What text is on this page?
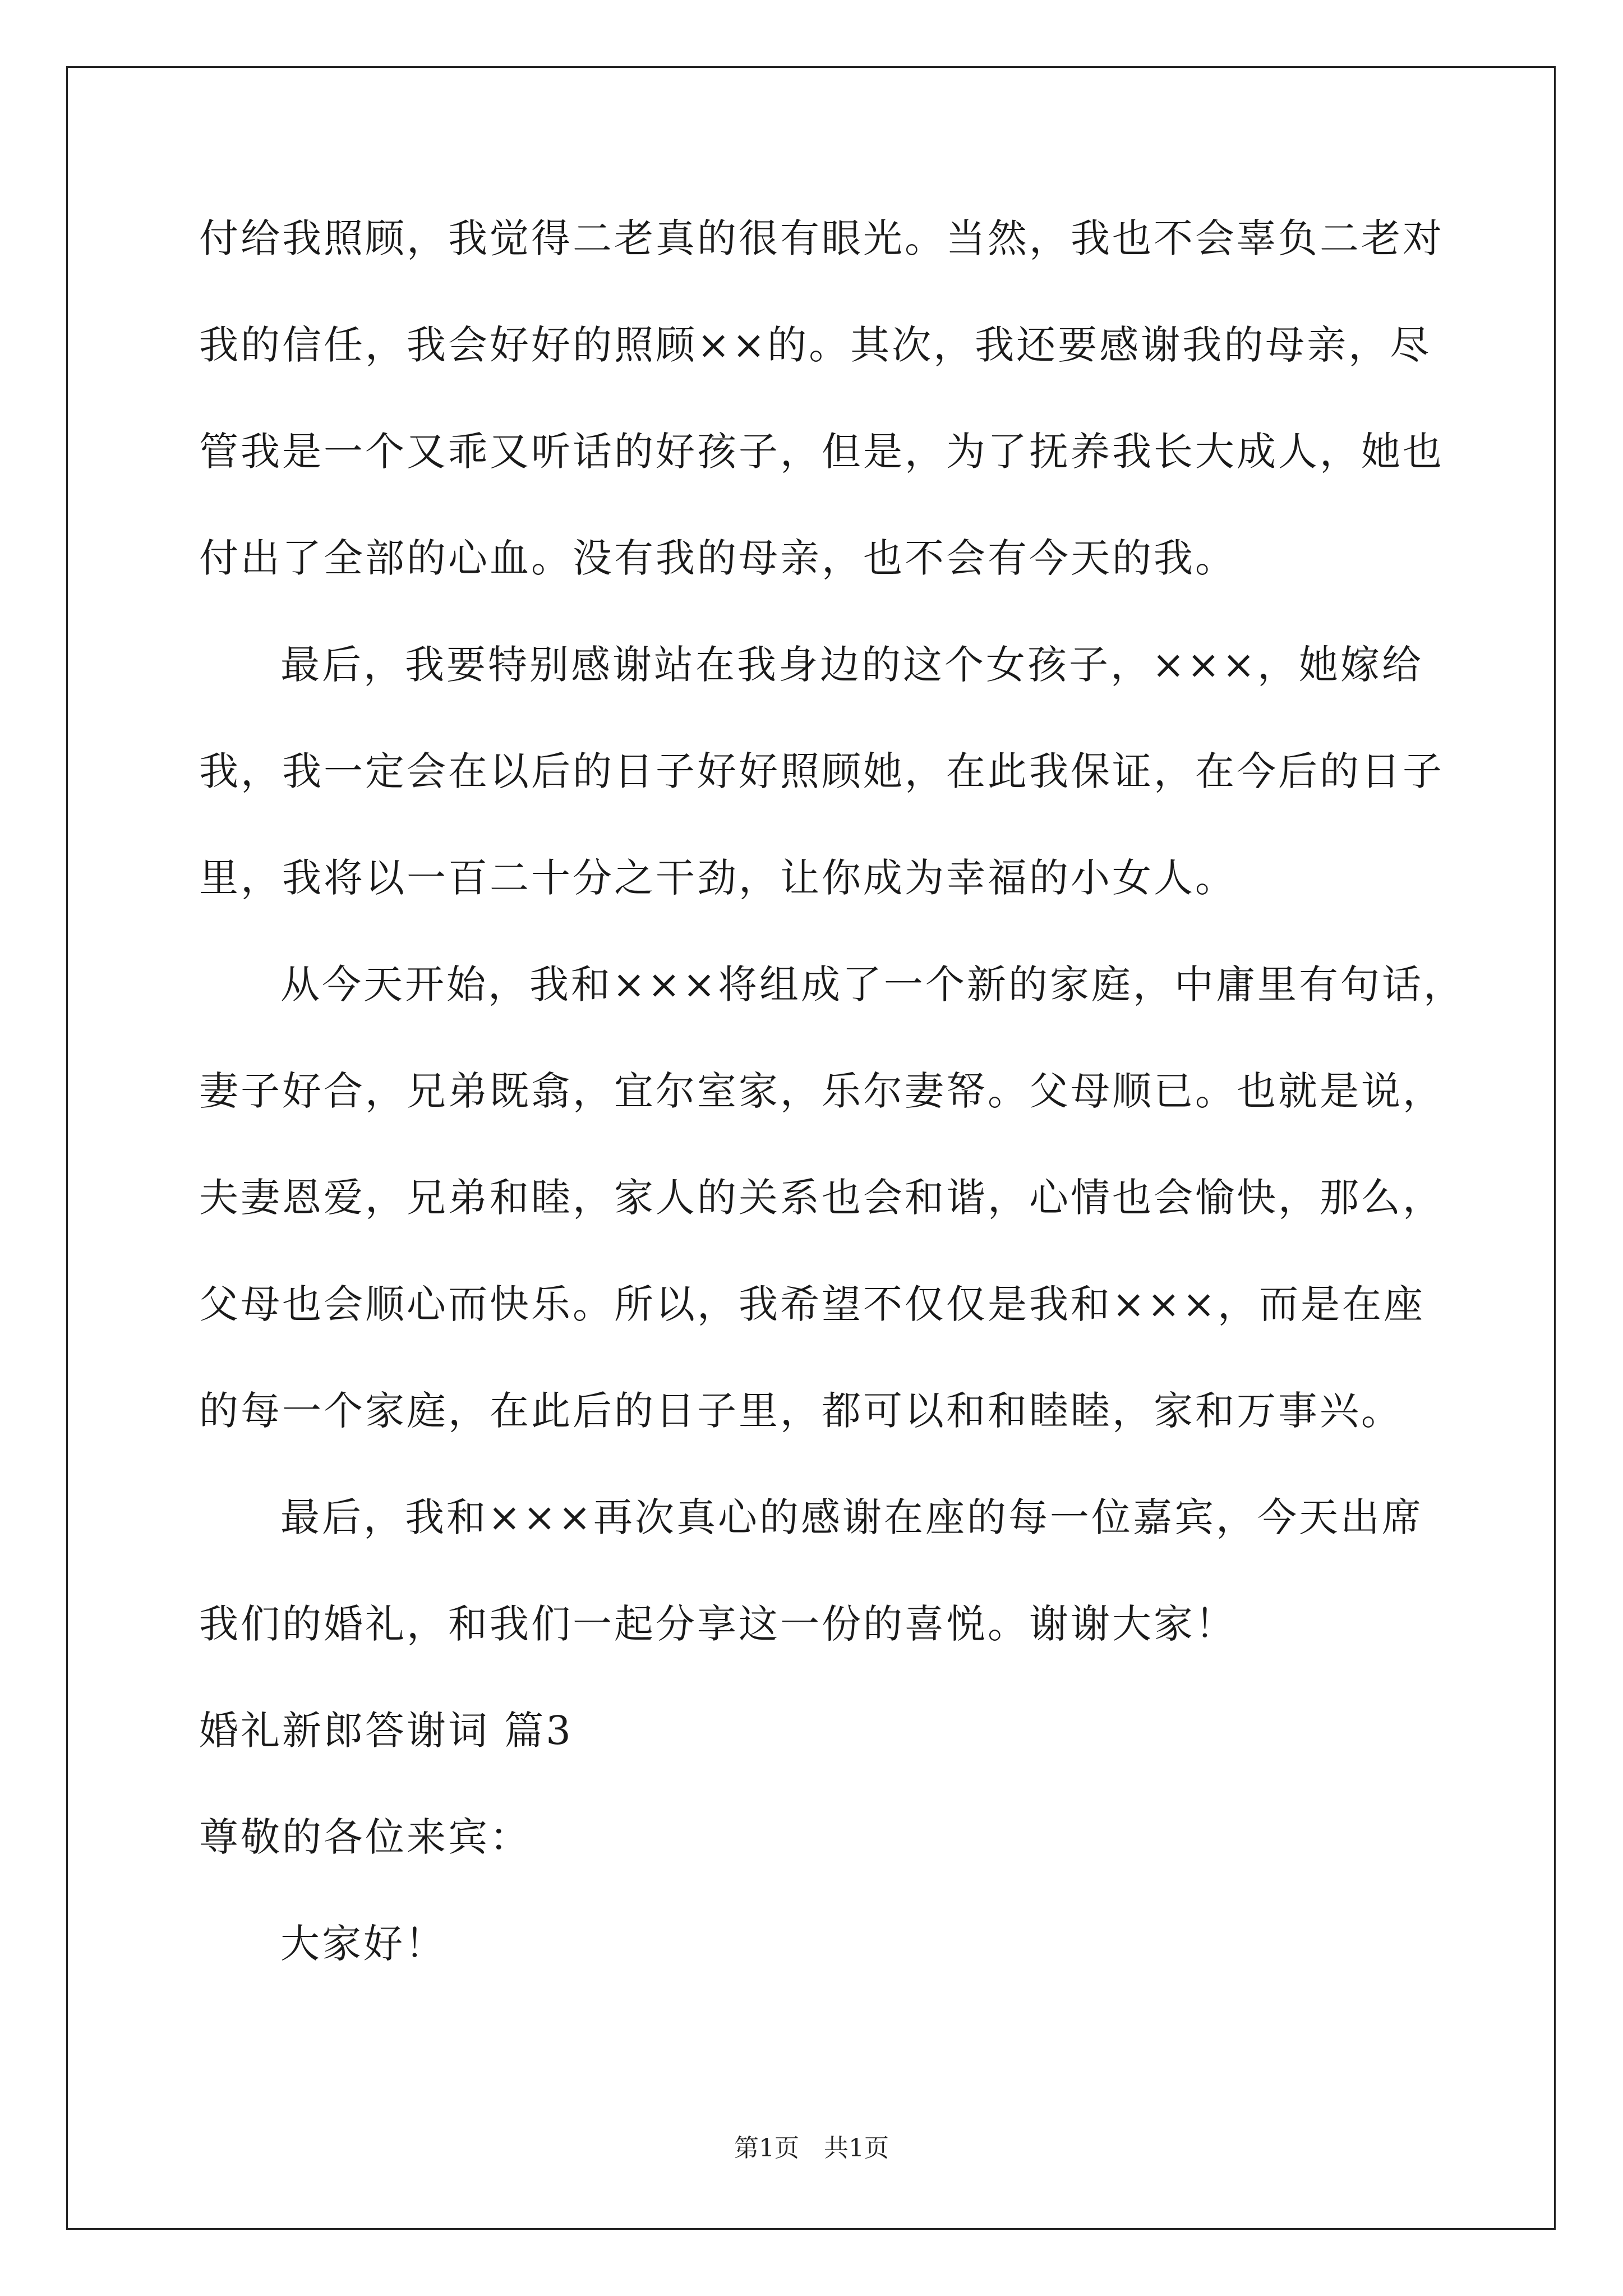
付给我照顾，我觉得二老真的很有眼光。当然，我也不会辜负二老对
我的信任，我会好好的照顾××的。其次，我还要感谢我的母亲，尽
管我是一个又乖又听话的好孩子，但是，为了抚养我长大成人，她也
付出了全部的心血。没有我的母亲，也不会有今天的我。
最后，我要特别感谢站在我身边的这个女孩子，×××，她嫁给
我，我一定会在以后的日子好好照顾她，在此我保证，在今后的日子
里，我将以一百二十分之干劲，让你成为幸福的小女人。
从今天开始，我和×××将组成了一个新的家庭，中庸里有句话，
妻子好合，兄弟既翕，宜尔室家，乐尔妻帑。父母顺已。也就是说，
夫妻恩爱，兄弟和睦，家人的关系也会和谐，心情也会愉快，那么，
父母也会顺心而快乐。所以，我希望不仅仅是我和×××，而是在座
的每一个家庭，在此后的日子里，都可以和和睦睦，家和万事兴。
最后，我和×××再次真心的感谢在座的每一位嘉宾，今天出席
我们的婚礼，和我们一起分享这一份的喜悦。谢谢大家！
婚礼新郎答谢词 篇3
尊敬的各位来宾：
大家好！
第1页　共1页
